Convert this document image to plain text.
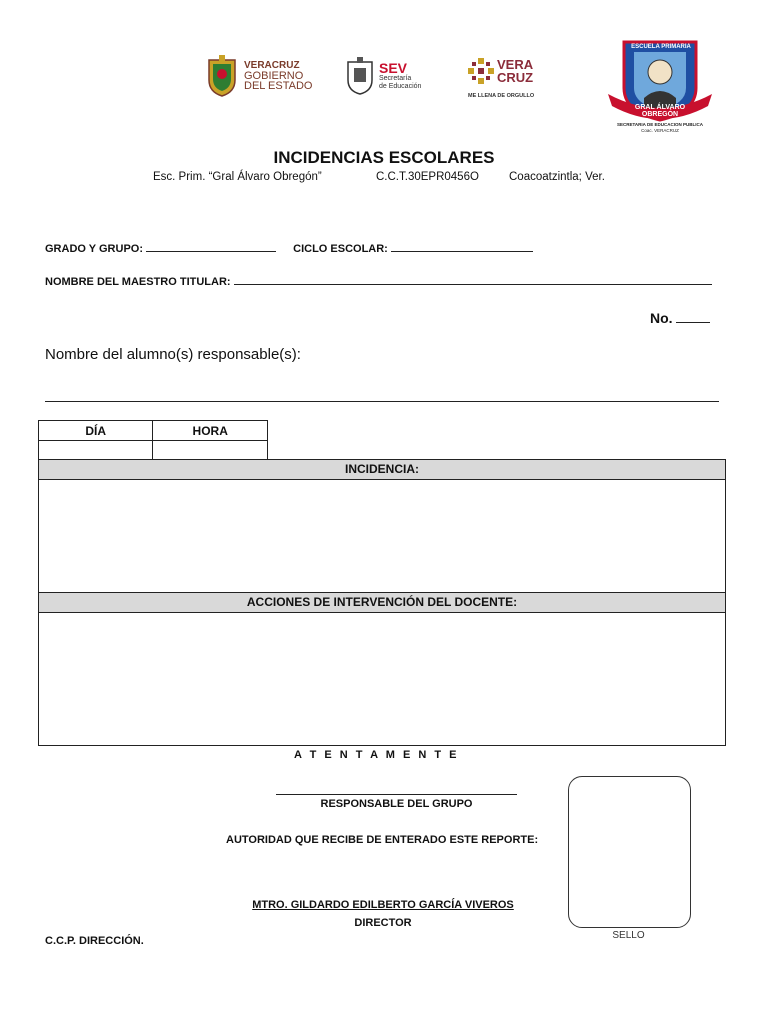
VERACRUZ
GOBIERNO
DEL ESTADO
SEV
Secretaría
de Educación
VERA
CRUZ
ME LLENA DE ORGULLO
ESCUELA PRIMARIA
GRAL ÁLVARO OBREGÓN
SECRETARIA DE EDUCACION PUBLICA
Coac. VERACRUZ
INCIDENCIAS ESCOLARES
Esc. Prim. “Gral Álvaro Obregón”	C.C.T.30EPR0456O	Coacoatzintla; Ver.
GRADO Y GRUPO:	CICLO ESCOLAR:
NOMBRE DEL MAESTRO TITULAR:
No.
Nombre del alumno(s) responsable(s):
DÍA	HORA

INCIDENCIA:
ACCIONES DE INTERVENCIÓN DEL DOCENTE:
A T E N T A M E N T E
RESPONSABLE DEL GRUPO
AUTORIDAD QUE RECIBE DE ENTERADO ESTE REPORTE:
MTRO. GILDARDO EDILBERTO GARCÍA VIVEROS
DIRECTOR
C.C.P. DIRECCIÓN.	SELLO
